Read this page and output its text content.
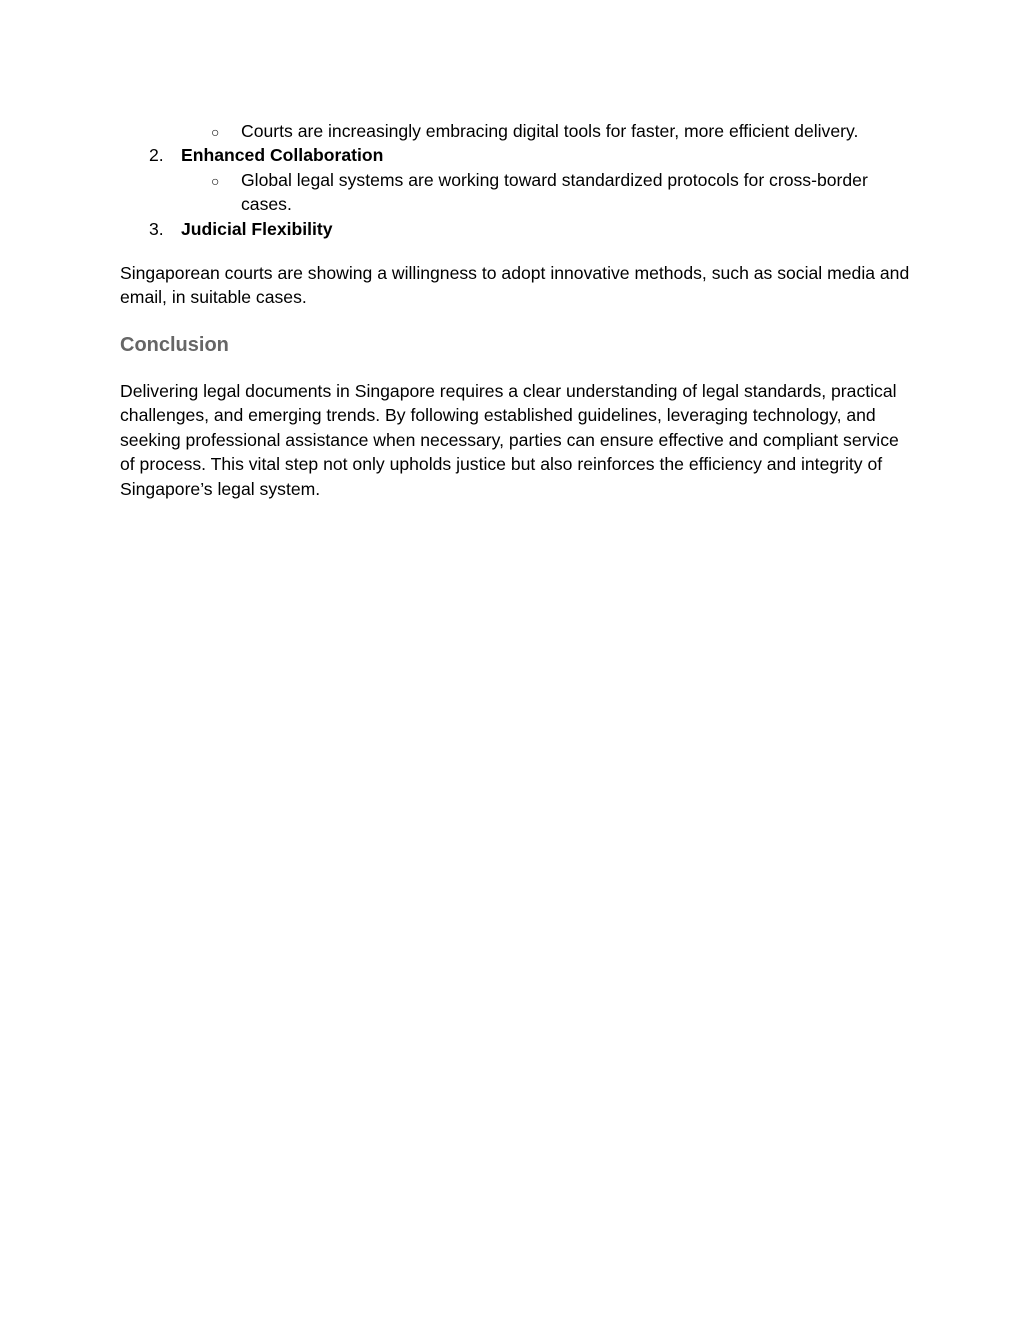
○ Courts are increasingly embracing digital tools for faster, more efficient delivery.

2. Enhanced Collaboration
○ Global legal systems are working toward standardized protocols for cross-border cases.

3. Judicial Flexibility

Singaporean courts are showing a willingness to adopt innovative methods, such as social media and email, in suitable cases.

Conclusion

Delivering legal documents in Singapore requires a clear understanding of legal standards, practical challenges, and emerging trends. By following established guidelines, leveraging technology, and seeking professional assistance when necessary, parties can ensure effective and compliant service of process. This vital step not only upholds justice but also reinforces the efficiency and integrity of Singapore’s legal system.
